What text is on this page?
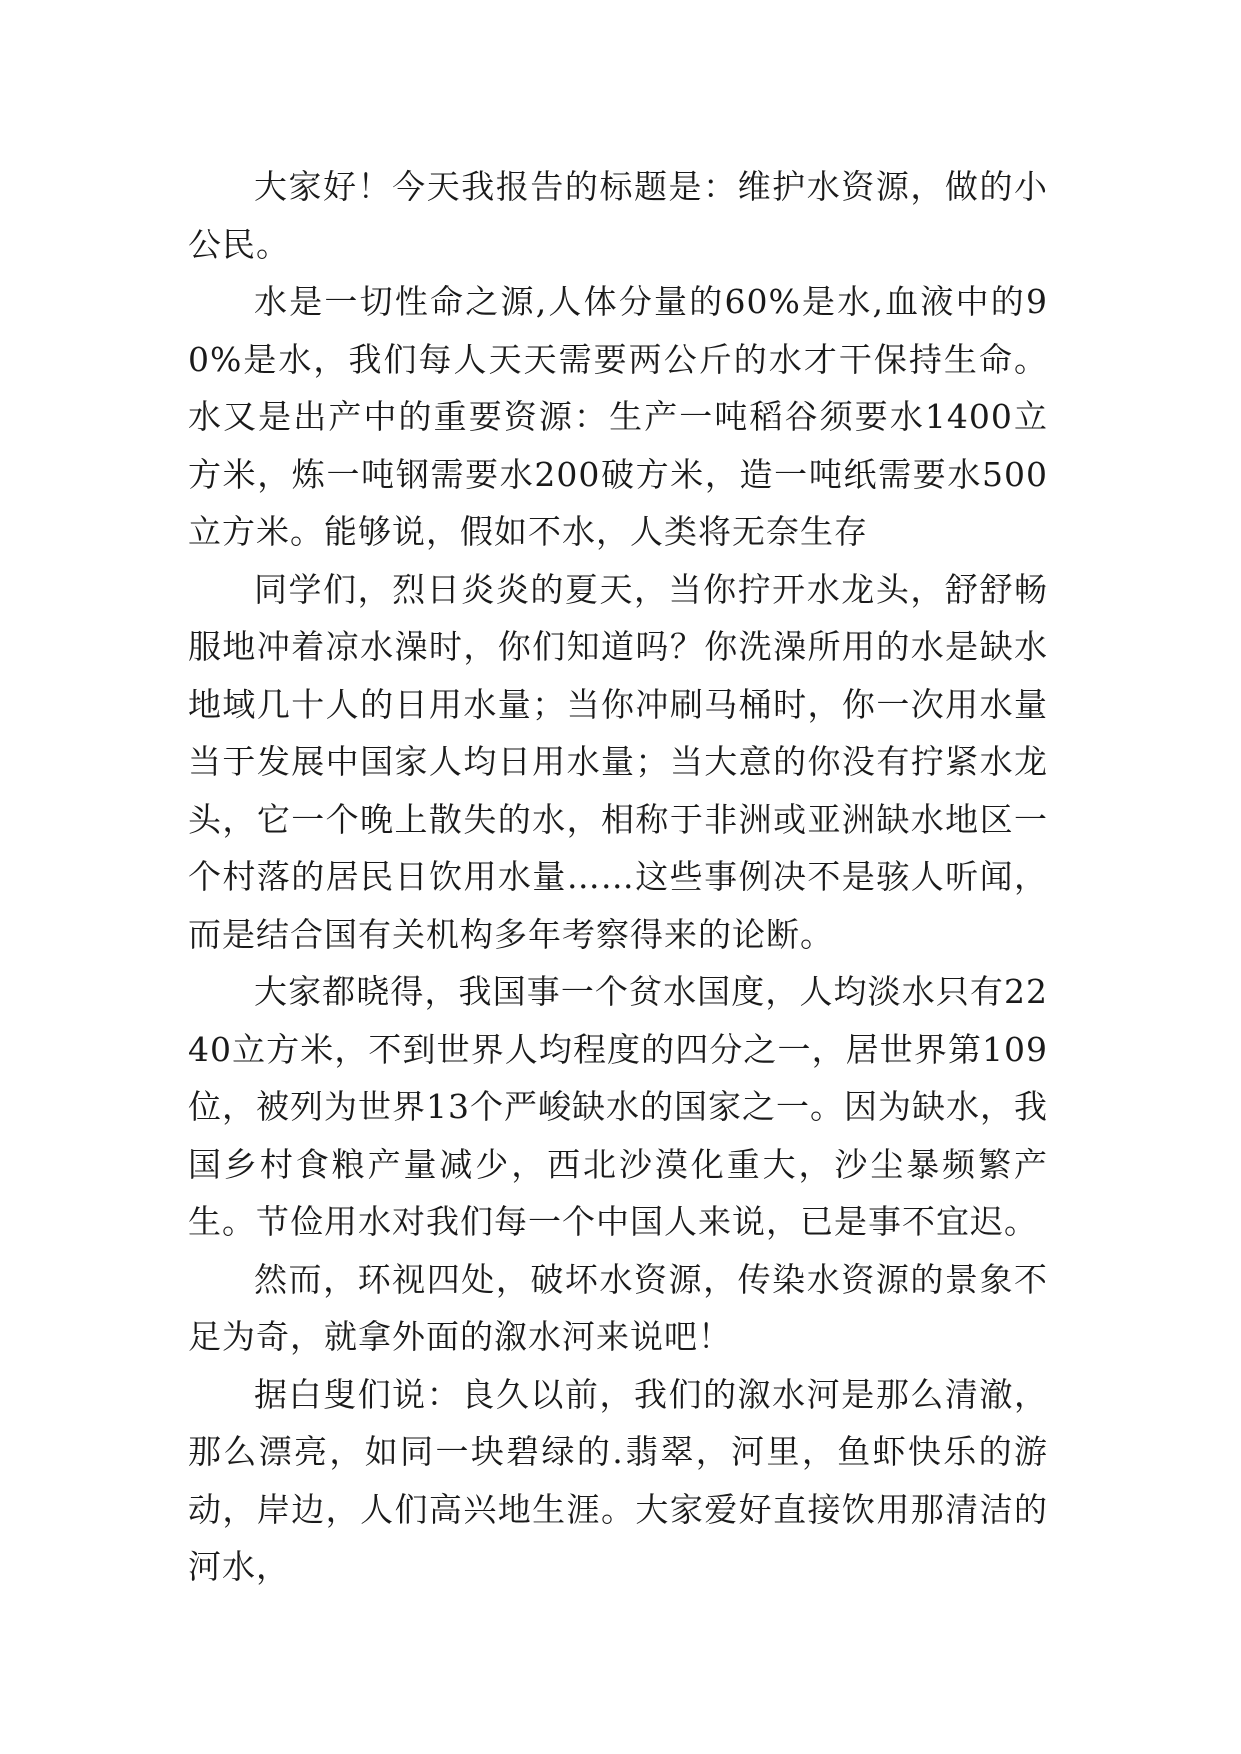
大家好！今天我报告的标题是：维护水资源，做的小公民。

水是一切性命之源,人体分量的60%是水,血液中的90%是水，我们每人天天需要两公斤的水才干保持生命。水又是出产中的重要资源：生产一吨稻谷须要水1400立方米，炼一吨钢需要水200破方米，造一吨纸需要水500立方米。能够说，假如不水，人类将无奈生存

同学们，烈日炎炎的夏天，当你拧开水龙头，舒舒畅服地冲着凉水澡时，你们知道吗？你洗澡所用的水是缺水地域几十人的日用水量；当你冲刷马桶时，你一次用水量当于发展中国家人均日用水量；当大意的你没有拧紧水龙头，它一个晚上散失的水，相称于非洲或亚洲缺水地区一个村落的居民日饮用水量……这些事例决不是骇人听闻，而是结合国有关机构多年考察得来的论断。

大家都晓得，我国事一个贫水国度，人均淡水只有2240立方米，不到世界人均程度的四分之一，居世界第109位，被列为世界13个严峻缺水的国家之一。因为缺水，我国乡村食粮产量减少，西北沙漠化重大，沙尘暴频繁产生。节俭用水对我们每一个中国人来说，已是事不宜迟。

然而，环视四处，破坏水资源，传染水资源的景象不足为奇，就拿外面的溆水河来说吧！

据白叟们说：良久以前，我们的溆水河是那么清澈，那么漂亮，如同一块碧绿的.翡翠，河里，鱼虾快乐的游动，岸边，人们高兴地生涯。大家爱好直接饮用那清洁的河水，
